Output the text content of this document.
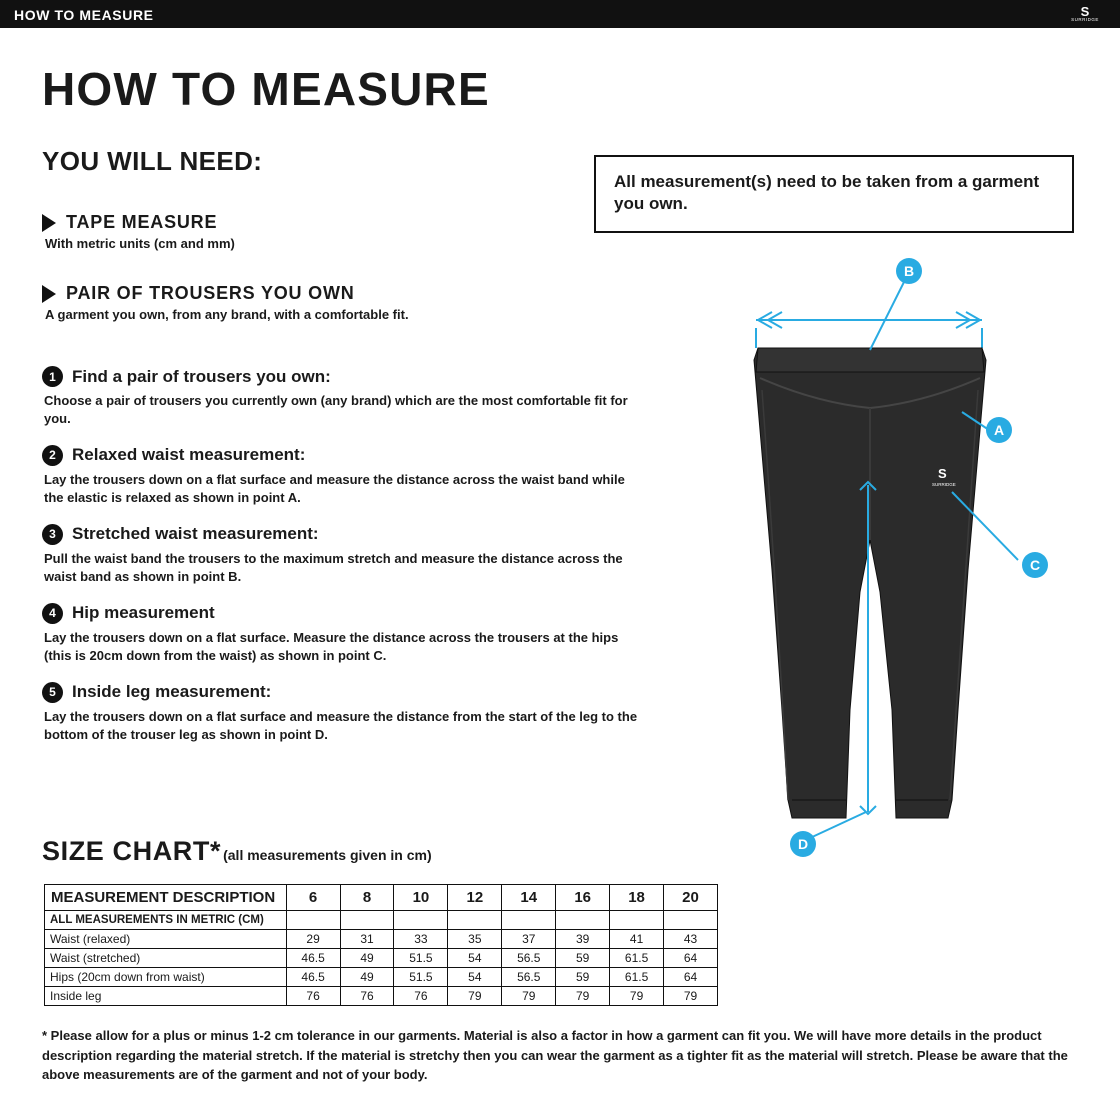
HOW TO MEASURE	S
SURRIDGE
HOW TO MEASURE
YOU WILL NEED:
TAPE MEASURE
With metric units (cm and mm)
PAIR OF TROUSERS YOU OWN
A garment you own, from any brand, with a comfortable fit.

All measurement(s) need to be taken from a garment you own.

1 Find a pair of trousers you own:
Choose a pair of trousers you currently own (any brand) which are the most comfortable fit for you.
2 Relaxed waist measurement:
Lay the trousers down on a flat surface and measure the distance across the waist band while the elastic is relaxed as shown in point A.
3 Stretched waist measurement:
Pull the waist band the trousers to the maximum stretch and measure the distance across the waist band as shown in point B.
4 Hip measurement
Lay the trousers down on a flat surface. Measure the distance across the trousers at the hips (this is 20cm down from the waist) as shown in point C.
5 Inside leg measurement:
Lay the trousers down on a flat surface and measure the distance from the start of the leg to the bottom of the trouser leg as shown in point D.
SIZE CHART* (all measurements given in cm)
MEASUREMENT DESCRIPTION	6	8	10	12	14	16	18	20
ALL MEASUREMENTS IN METRIC (CM)								
Waist (relaxed)	29	31	33	35	37	39	41	43
Waist (stretched)	46.5	49	51.5	54	56.5	59	61.5	64
Hips (20cm down from waist)	46.5	49	51.5	54	56.5	59	61.5	64
Inside leg	76	76	76	79	79	79	79	79
* Please allow for a plus or minus 1-2 cm tolerance in our garments. Material is also a factor in how a garment can fit you. We will have more details in the product description regarding the material stretch. If the material is stretchy then you can wear the garment as a tighter fit as the material will stretch. Please be aware that the above measurements are of the garment and not of your body.
S
SURRIDGE
B
A
C
D
